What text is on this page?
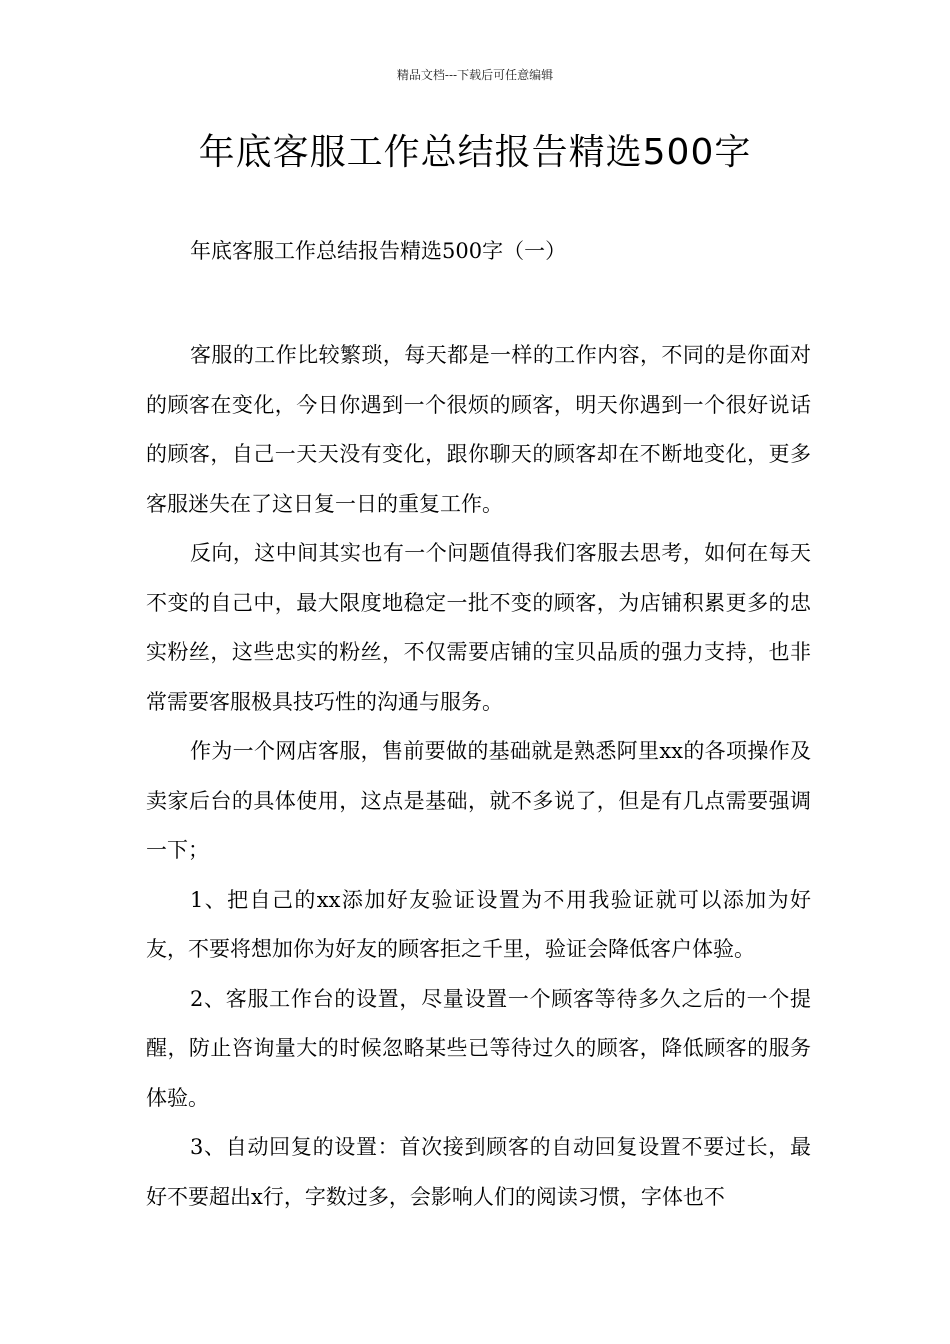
精品文档---下载后可任意编辑
年底客服工作总结报告精选500字

年底客服工作总结报告精选500字（一）

客服的工作比较繁琐，每天都是一样的工作内容，不同的是你面对的顾客在变化，今日你遇到一个很烦的顾客，明天你遇到一个很好说话的顾客，自己一天天没有变化，跟你聊天的顾客却在不断地变化，更多客服迷失在了这日复一日的重复工作。

反向，这中间其实也有一个问题值得我们客服去思考，如何在每天不变的自己中，最大限度地稳定一批不变的顾客，为店铺积累更多的忠实粉丝，这些忠实的粉丝，不仅需要店铺的宝贝品质的强力支持，也非常需要客服极具技巧性的沟通与服务。

作为一个网店客服，售前要做的基础就是熟悉阿里xx的各项操作及卖家后台的具体使用，这点是基础，就不多说了，但是有几点需要强调一下；

1、把自己的xx添加好友验证设置为不用我验证就可以添加为好友，不要将想加你为好友的顾客拒之千里，验证会降低客户体验。

2、客服工作台的设置，尽量设置一个顾客等待多久之后的一个提醒，防止咨询量大的时候忽略某些已等待过久的顾客，降低顾客的服务体验。

3、自动回复的设置：首次接到顾客的自动回复设置不要过长，最好不要超出x行，字数过多，会影响人们的阅读习惯，字体也不
